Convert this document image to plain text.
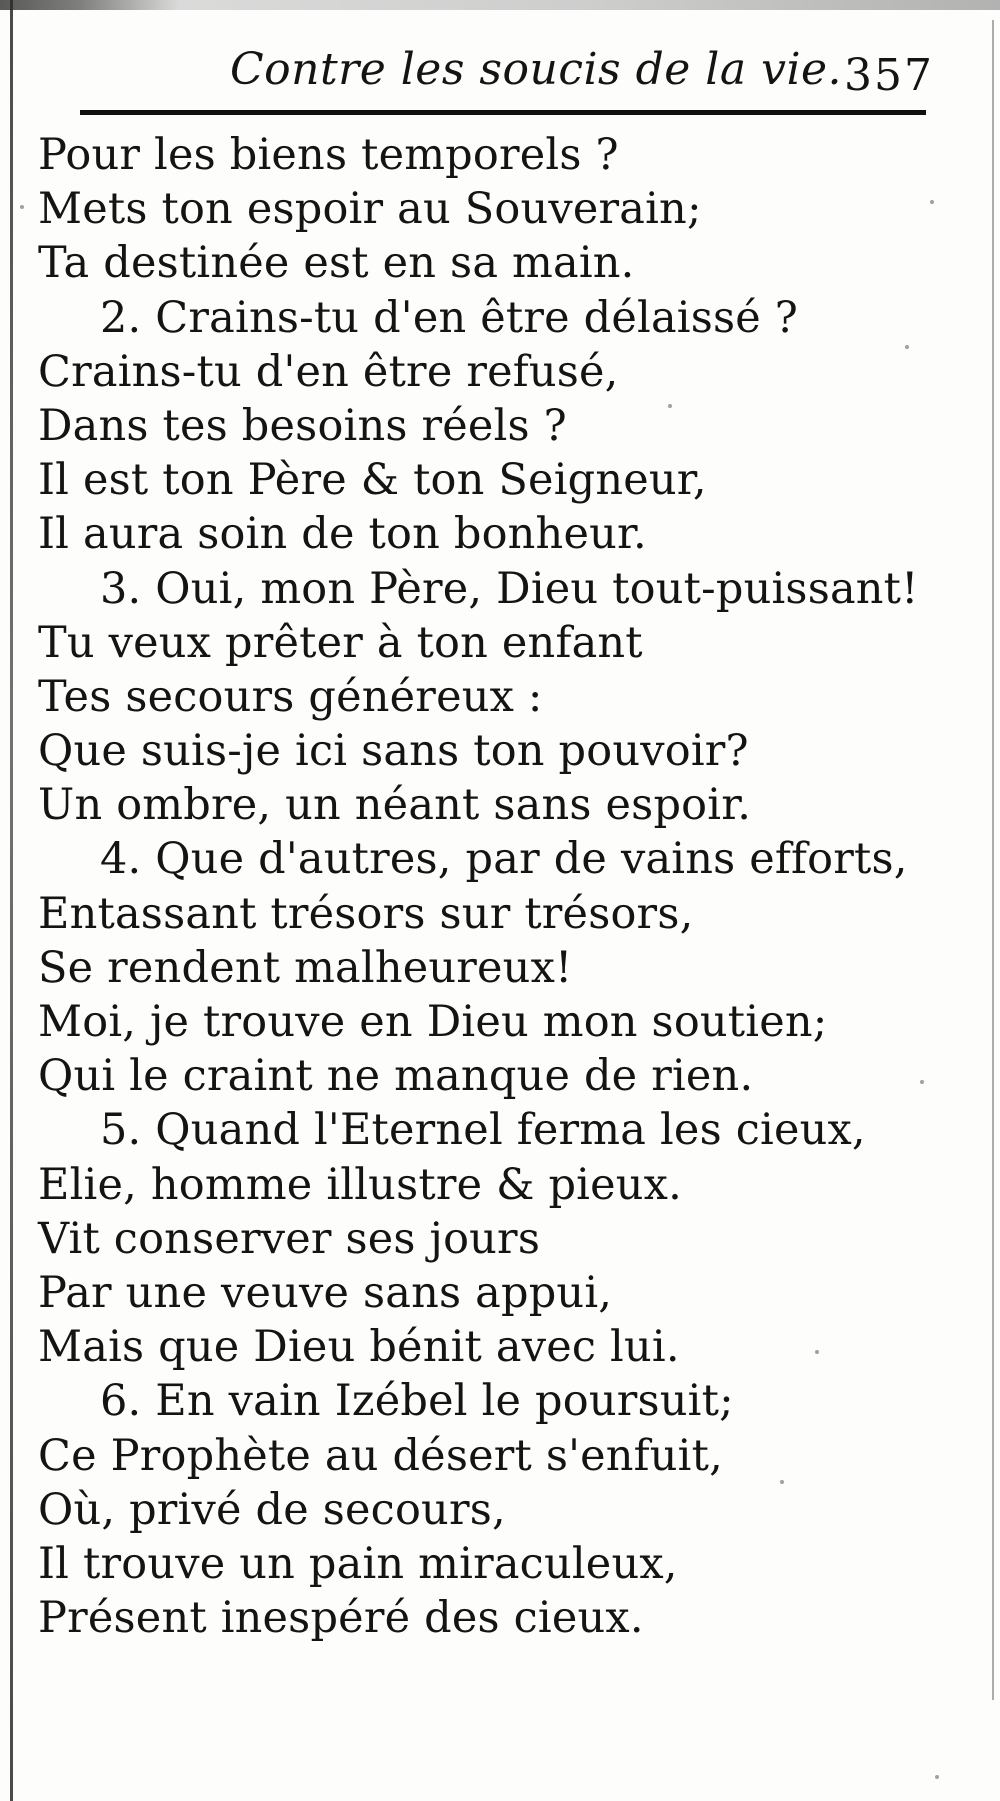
Contre les soucis de la vie. 357
Pour les biens temporels ?
Mets ton espoir au Souverain;
Ta destinée est en sa main.
2. Crains-tu d'en être délaissé ?
Crains-tu d'en être refusé,
Dans tes besoins réels ?
Il est ton Père & ton Seigneur,
Il aura soin de ton bonheur.
3. Oui, mon Père, Dieu tout-puissant!
Tu veux prêter à ton enfant
Tes secours généreux :
Que suis-je ici sans ton pouvoir?
Un ombre, un néant sans espoir.
4. Que d'autres, par de vains efforts,
Entassant trésors sur trésors,
Se rendent malheureux!
Moi, je trouve en Dieu mon soutien;
Qui le craint ne manque de rien.
5. Quand l'Eternel ferma les cieux,
Elie, homme illustre & pieux.
Vit conserver ses jours
Par une veuve sans appui,
Mais que Dieu bénit avec lui.
6. En vain Izébel le poursuit;
Ce Prophète au désert s'enfuit,
Où, privé de secours,
Il trouve un pain miraculeux,
Présent inespéré des cieux.
